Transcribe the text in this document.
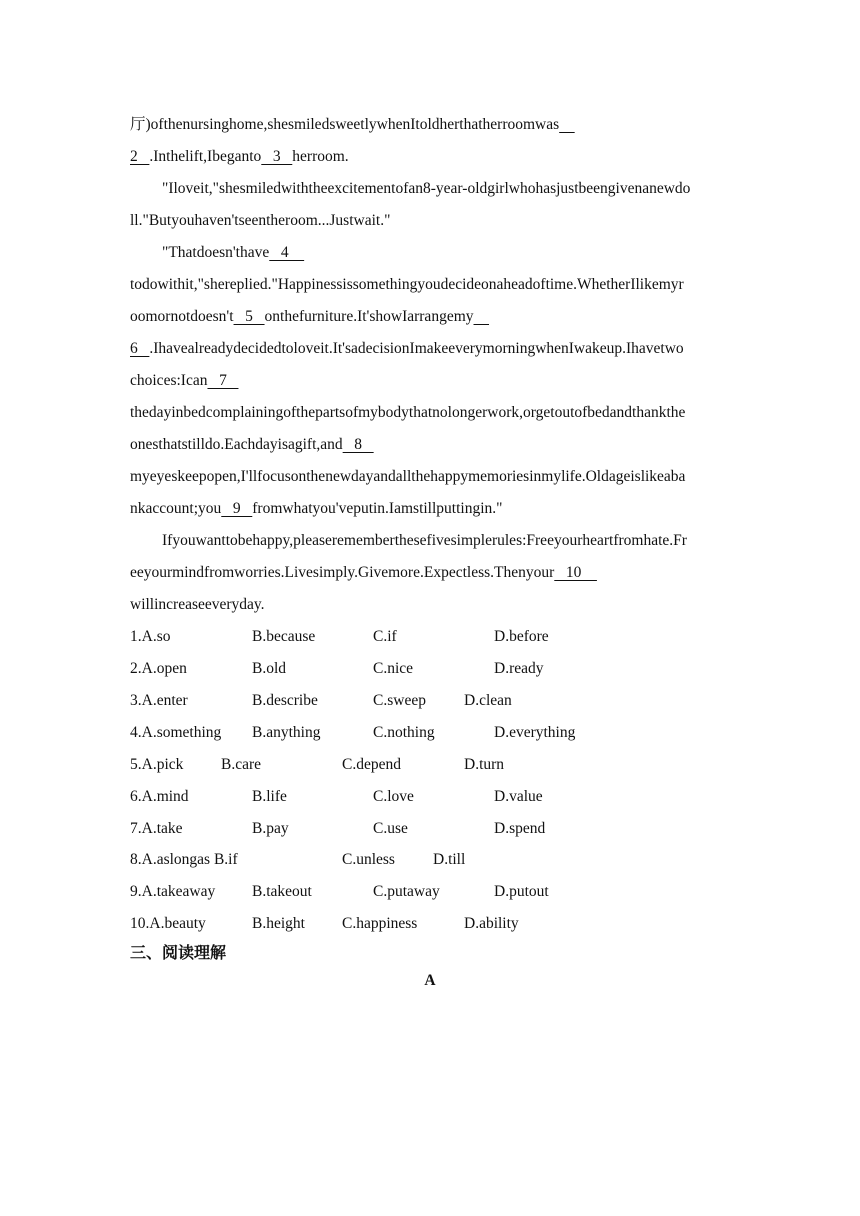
厅)ofthenursinghome,shesmiledsweetlywhenItoldherthatherroomwas
2   .Inthelift,Ibeganto   3   herroom.
"Iloveit,"shesmiledwiththeexcitementofan8-year-oldgirlwhohasjustbeengivenanewdo
ll."Butyouhaven'tseentheroom...Justwait."
"Thatdoesn'thave   4
todowithit,"shereplied."Happinessissomethingyoudecideonaheadoftime.WhetherIlikemyr
oomornotdoesn't   5   onthefurniture.It'showIarrangemy
6   .Ihavealreadydecidedtoloveit.It'sadecisionImakeeverymorningwhenIwakeup.Ihavetwo
choices:Ican   7
thedayinbedcomplainingofthepartsofmybodythatnolongerwork,orgetoutofbedandthankthe
onesthatstilldo.Eachdayisagift,and   8
myeyeskeepopen,I'llfocusonthenewdayandallthehappymemoriesinmylife.Oldageislikeaba
nkaccount;you   9   fromwhatyou'veputin.Iamstillputtingin."
Ifyouwanttobehappy,pleaserememberthesefivesimplerules:Freeyourheartfromhate.Fr
eeyourmindfromworries.Livesimply.Givemore.Expectless.Thenyour   10
willincreaseeveryday.
1.A.so	B.because	C.if	D.before
2.A.open	B.old	C.nice	D.ready
3.A.enter	B.describe	C.sweep D.clean
4.A.something B.anything	C.nothing	D.everything
5.A.pick B.care	C.depend	D.turn
6.A.mind	B.life	C.love	D.value
7.A.take	B.pay	C.use	D.spend
8.A.aslongas B.if	C.unless D.till
9.A.takeaway B.takeout	C.putaway	D.putout
10.A.beauty	B.height C.happiness	D.ability
三、阅读理解
A
